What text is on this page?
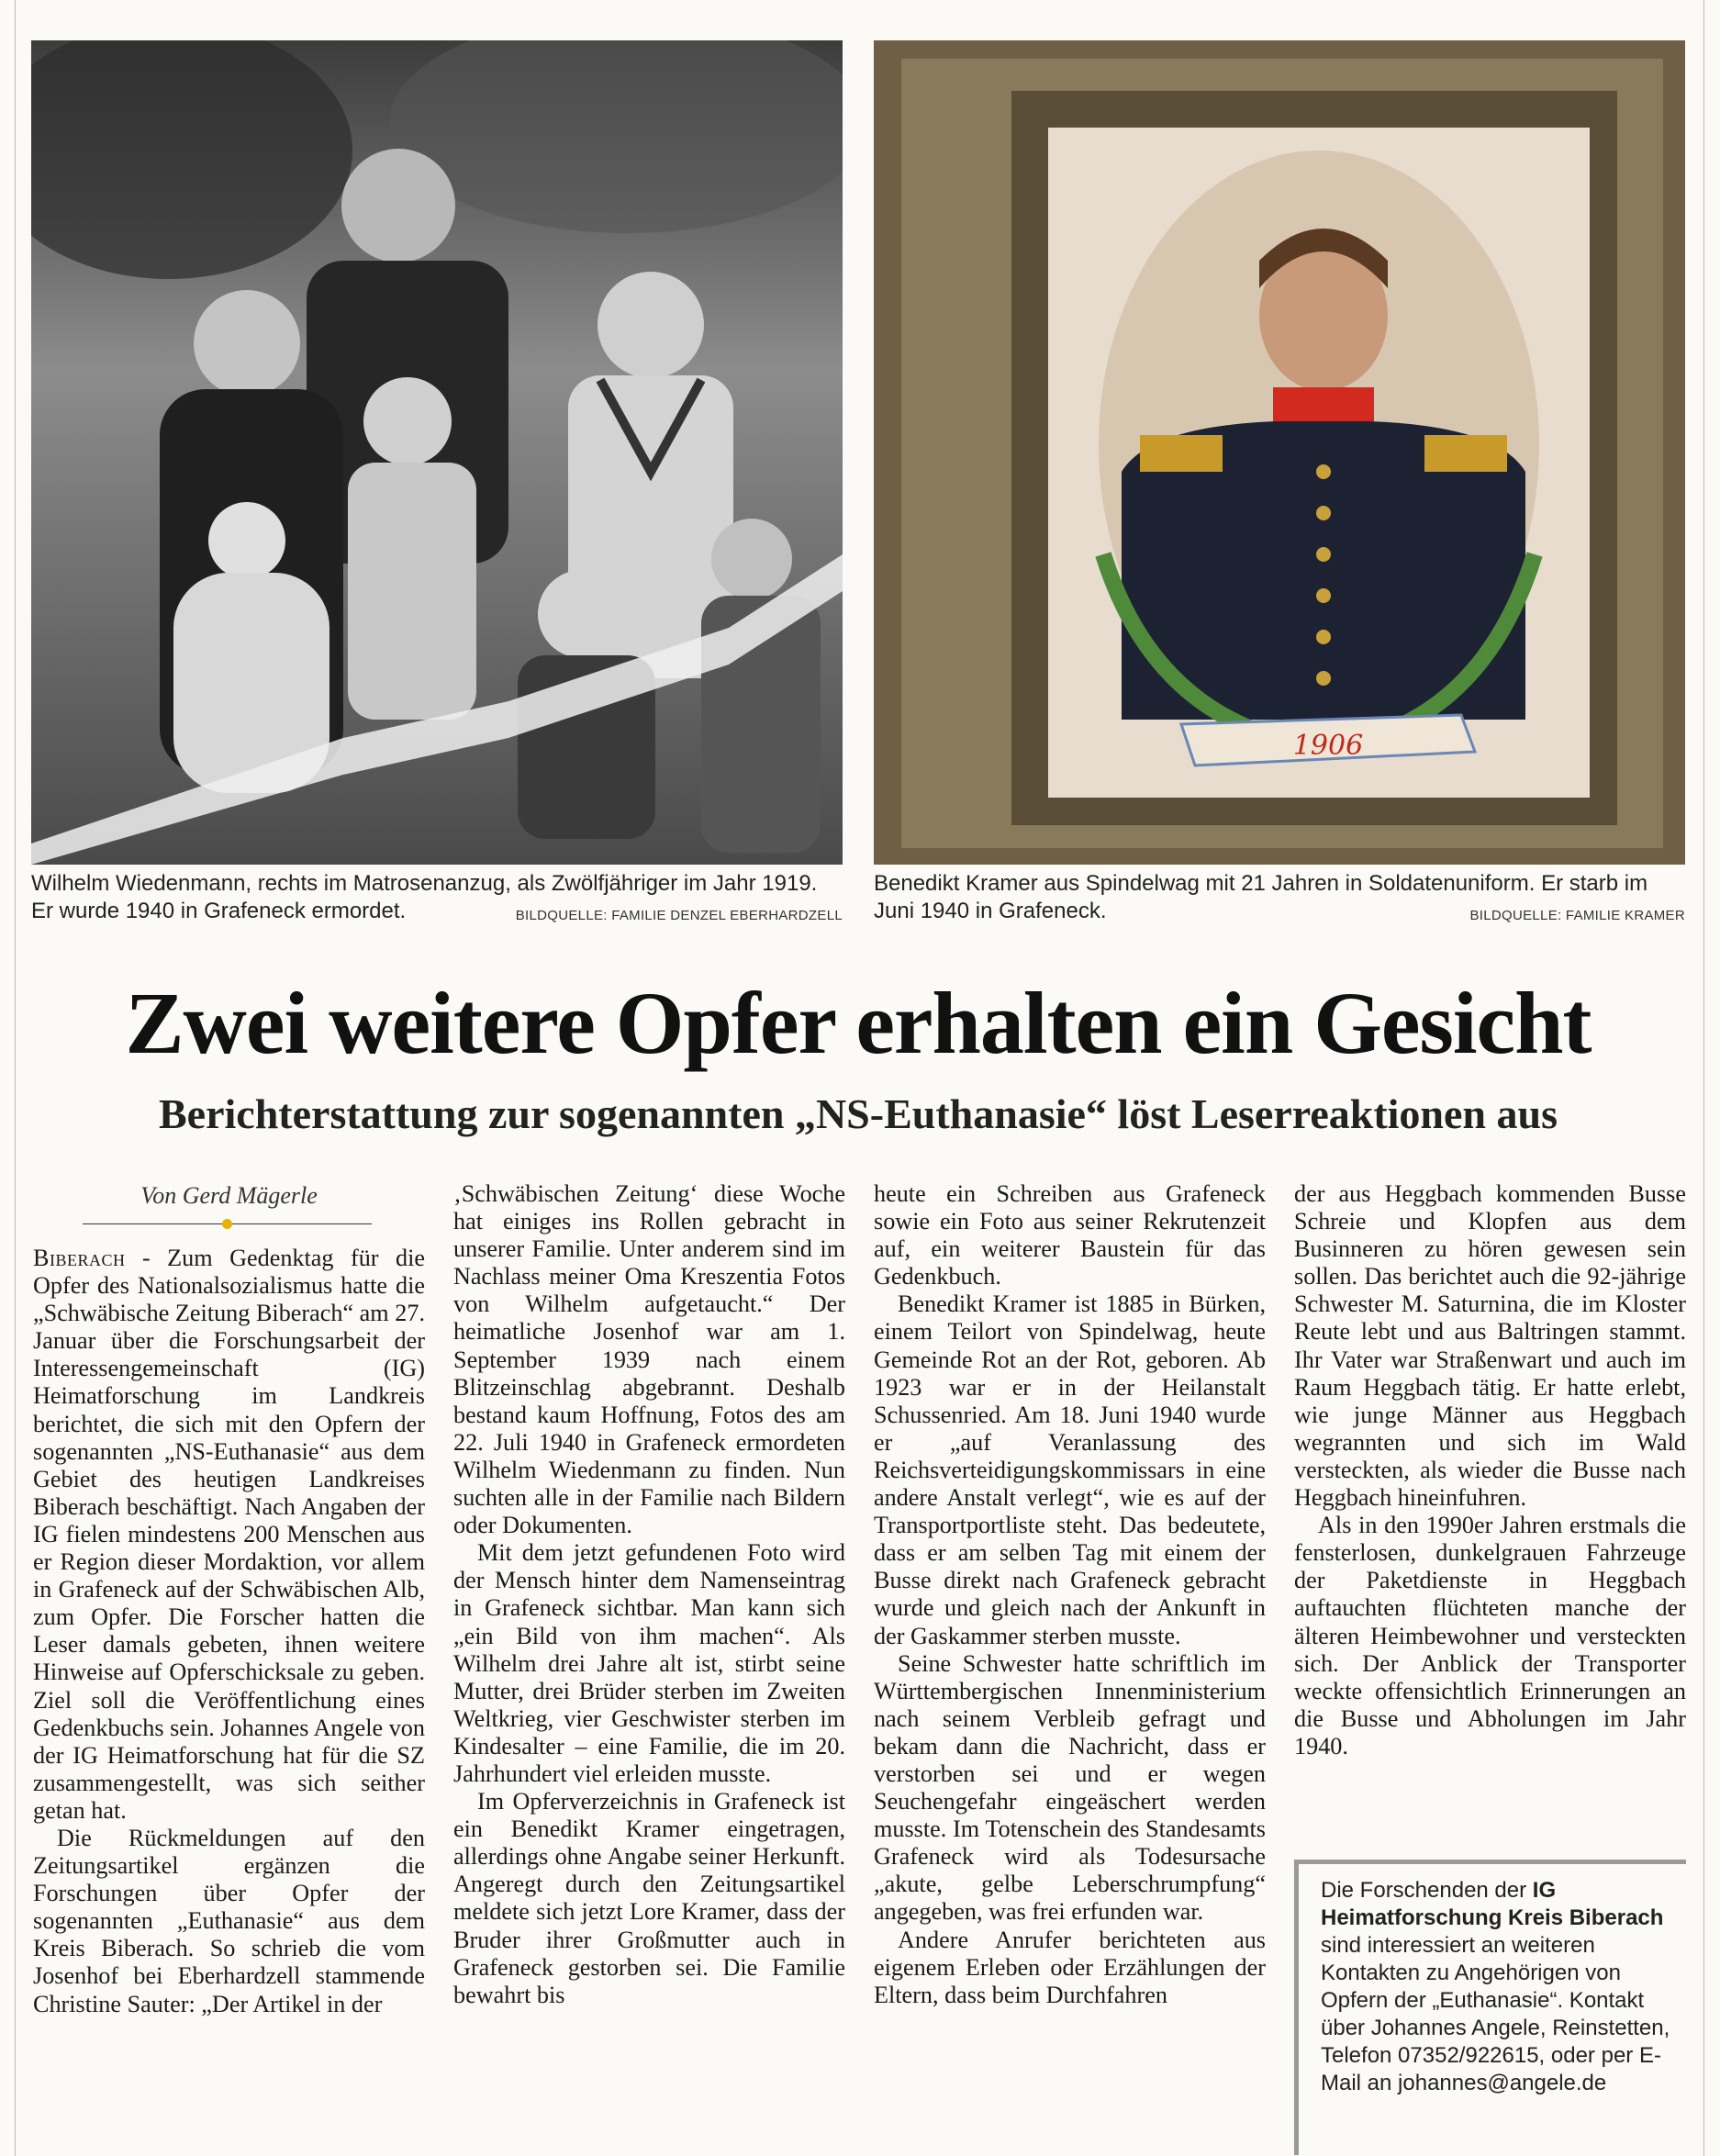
1906
Wilhelm Wiedenmann, rechts im Matrosenanzug, als Zwölfjähriger im Jahr 1919. Er wurde 1940 in Grafeneck ermordet.	BILDQUELLE: FAMILIE DENZEL EBERHARDZELL
Benedikt Kramer aus Spindelwag mit 21 Jahren in Soldatenuniform. Er starb im Juni 1940 in Grafeneck.	BILDQUELLE: FAMILIE KRAMER
Zwei weitere Opfer erhalten ein Gesicht
Berichterstattung zur sogenannten „NS-Euthanasie“ löst Leserreaktionen aus
Von Gerd Mägerle

Biberach - Zum Gedenktag für die Opfer des Nationalsozialismus hatte die „Schwäbische Zeitung Biberach“ am 27. Januar über die Forschungsarbeit der Interessengemeinschaft (IG) Heimatforschung im Landkreis berichtet, die sich mit den Opfern der sogenannten „NS-Euthanasie“ aus dem Gebiet des heutigen Landkreises Biberach beschäftigt. Nach Angaben der IG fielen mindestens 200 Menschen aus er Region dieser Mordaktion, vor allem in Grafeneck auf der Schwäbischen Alb, zum Opfer. Die Forscher hatten die Leser damals gebeten, ihnen weitere Hinweise auf Opferschicksale zu geben. Ziel soll die Veröffentlichung eines Gedenkbuchs sein. Johannes Angele von der IG Heimatforschung hat für die SZ zusammengestellt, was sich seither getan hat.

Die Rückmeldungen auf den Zeitungsartikel ergänzen die Forschungen über Opfer der sogenannten „Euthanasie“ aus dem Kreis Biberach. So schrieb die vom Josenhof bei Eberhardzell stammende Christine Sauter: „Der Artikel in der

‚Schwäbischen Zeitung‘ diese Woche hat einiges ins Rollen gebracht in unserer Familie. Unter anderem sind im Nachlass meiner Oma Kreszentia Fotos von Wilhelm aufgetaucht.“ Der heimatliche Josenhof war am 1. September 1939 nach einem Blitzeinschlag abgebrannt. Deshalb bestand kaum Hoffnung, Fotos des am 22. Juli 1940 in Grafeneck ermordeten Wilhelm Wiedenmann zu finden. Nun suchten alle in der Familie nach Bildern oder Dokumenten.

Mit dem jetzt gefundenen Foto wird der Mensch hinter dem Namenseintrag in Grafeneck sichtbar. Man kann sich „ein Bild von ihm machen“. Als Wilhelm drei Jahre alt ist, stirbt seine Mutter, drei Brüder sterben im Zweiten Weltkrieg, vier Geschwister sterben im Kindesalter – eine Familie, die im 20. Jahrhundert viel erleiden musste.

Im Opferverzeichnis in Grafeneck ist ein Benedikt Kramer eingetragen, allerdings ohne Angabe seiner Herkunft. Angeregt durch den Zeitungsartikel meldete sich jetzt Lore Kramer, dass der Bruder ihrer Großmutter auch in Grafeneck gestorben sei. Die Familie bewahrt bis

heute ein Schreiben aus Grafeneck sowie ein Foto aus seiner Rekrutenzeit auf, ein weiterer Baustein für das Gedenkbuch.

Benedikt Kramer ist 1885 in Bürken, einem Teilort von Spindelwag, heute Gemeinde Rot an der Rot, geboren. Ab 1923 war er in der Heilanstalt Schussenried. Am 18. Juni 1940 wurde er „auf Veranlassung des Reichsverteidigungskommissars in eine andere Anstalt verlegt“, wie es auf der Transportportliste steht. Das bedeutete, dass er am selben Tag mit einem der Busse direkt nach Grafeneck gebracht wurde und gleich nach der Ankunft in der Gaskammer sterben musste.

Seine Schwester hatte schriftlich im Württembergischen Innenministerium nach seinem Verbleib gefragt und bekam dann die Nachricht, dass er verstorben sei und er wegen Seuchengefahr eingeäschert werden musste. Im Totenschein des Standesamts Grafeneck wird als Todesursache „akute, gelbe Leberschrumpfung“ angegeben, was frei erfunden war.

Andere Anrufer berichteten aus eigenem Erleben oder Erzählungen der Eltern, dass beim Durchfahren

der aus Heggbach kommenden Busse Schreie und Klopfen aus dem Businneren zu hören gewesen sein sollen. Das berichtet auch die 92-jährige Schwester M. Saturnina, die im Kloster Reute lebt und aus Baltringen stammt. Ihr Vater war Straßenwart und auch im Raum Heggbach tätig. Er hatte erlebt, wie junge Männer aus Heggbach wegrannten und sich im Wald versteckten, als wieder die Busse nach Heggbach hineinfuhren.

Als in den 1990er Jahren erstmals die fensterlosen, dunkelgrauen Fahrzeuge der Paketdienste in Heggbach auftauchten flüchteten manche der älteren Heimbewohner und versteckten sich. Der Anblick der Transporter weckte offensichtlich Erinnerungen an die Busse und Abholungen im Jahr 1940.

Die Forschenden der IG Heimatforschung Kreis Biberach sind interessiert an weiteren Kontakten zu Angehörigen von Opfern der „Euthanasie“. Kontakt über Johannes Angele, Reinstetten, Telefon 07352/922615, oder per E-Mail an johannes@angele.de
